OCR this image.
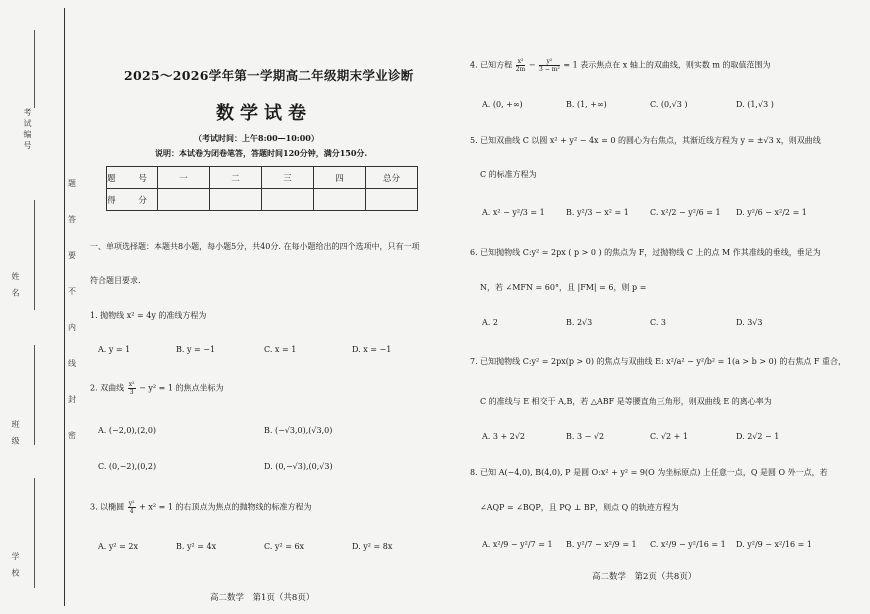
考试编号
姓 名
班 级
学 校
题
答
要
不
内
线
封
密
2025～2026学年第一学期高二年级期末学业诊断
数学试卷
（考试时间：上午8:00—10:00）
说明：本试卷为闭卷笔答，答题时间120分钟，满分150分.
题 号	一	二	三	四	总分
得 分					
一、单项选择题：本题共8小题，每小题5分，共40分. 在每小题给出的四个选项中，只有一项
符合题目要求.
1. 抛物线 x² = 4y 的准线方程为
A. y = 1	B. y = −1	C. x = 1	D. x = −1
2. 双曲线 $\frac{\text{x²}}{3} - y^2 = 1$ 的焦点坐标为
A. (−2,0),(2,0)	B. (−√3,0),(√3,0)
C. (0,−2),(0,2)	D. (0,−√3),(0,√3)
3. 以椭圆 $\frac{\text{y²}}{4} + x^2 = 1$ 的右顶点为焦点的抛物线的标准方程为
A. y² = 2x	B. y² = 4x	C. y² = 6x	D. y² = 8x
高二数学　第1页（共8页）
4. 已知方程 $\frac{\text{x²}}{2m} - \frac{\text{y²}}{\text{3 − m²}} = 1$ 表示焦点在 x 轴上的双曲线，则实数 m 的取值范围为
A. (0, +∞)	B. (1, +∞)	C. (0,√3 )	D. (1,√3 )
5. 已知双曲线 C 以圆 x² + y² − 4x = 0 的圆心为右焦点，其渐近线方程为 y = ±√3 x，则双曲线
C 的标准方程为
A. x² − y²/3 = 1	B. y²/3 − x² = 1	C. x²/2 − y²/6 = 1 D. y²/6 − x²/2 = 1
6. 已知抛物线 C:y² = 2px ( p > 0 ) 的焦点为 F，过抛物线 C 上的点 M 作其准线的垂线，垂足为
N，若 ∠MFN = 60°，且 |FM| = 6，则 p =
A. 2	B. 2√3	C. 3	D. 3√3
7. 已知抛物线 C:y² = 2px(p > 0) 的焦点与双曲线 E: x²/a² − y²/b² = 1(a > b > 0) 的右焦点 F 重合，
C 的准线与 E 相交于 A,B，若 △ABF 是等腰直角三角形，则双曲线 E 的离心率为
A. 3 + 2√2	B. 3 − √2	C. √2 + 1	D. 2√2 − 1
8. 已知 A(−4,0), B(4,0), P 是圆 O:x² + y² = 9(O 为坐标原点) 上任意一点，Q 是圆 O 外一点，若
∠AQP = ∠BQP，且 PQ ⊥ BP，则点 Q 的轨迹方程为
A. x²/9 − y²/7 = 1 B. y²/7 − x²/9 = 1 C. x²/9 − y²/16 = 1 D. y²/9 − x²/16 = 1
高二数学　第2页（共8页）
